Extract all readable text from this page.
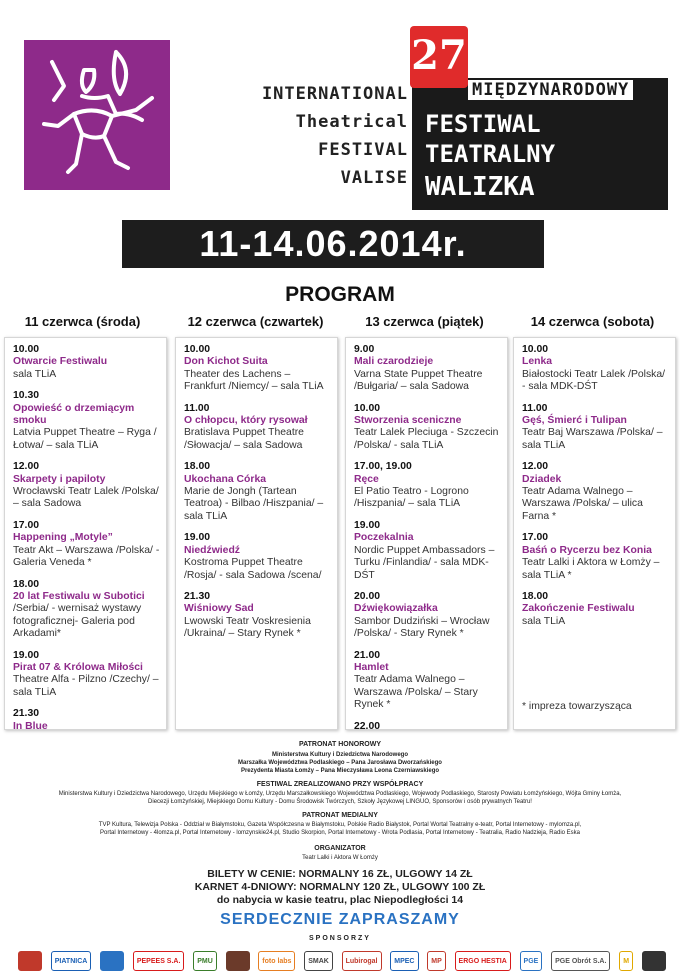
INTERNATIONAL
Theatrical
FESTIVAL
VALISE
27
MIĘDZYNARODOWY
FESTIWAL
TEATRALNY
WALIZKA
11-14.06.2014r.
PROGRAM
11 czerwca (środa)	12 czerwca (czwartek)	13 czerwca (piątek)	14 czerwca (sobota)
10.00
Otwarcie Festiwalu
sala TLiA
10.30
Opowieść o drzemiącym smoku
Latvia Puppet Theatre – Ryga /Łotwa/ – sala TLiA
12.00
Skarpety i papiloty
Wrocławski Teatr Lalek /Polska/ – sala Sadowa
17.00
Happening „Motyle”
Teatr Akt – Warszawa /Polska/ - Galeria Veneda *
18.00
20 lat Festiwalu w Subotici
/Serbia/ - wernisaż wystawy fotograficznej- Galeria pod Arkadami*
19.00
Pirat 07 & Królowa Miłości
Theatre Alfa - Pilzno /Czechy/ – sala TLiA
21.30
In Blue
10.00
Don Kichot Suita
Theater des Lachens – Frankfurt /Niemcy/ – sala TLiA
11.00
O chłopcu, który rysował
Bratislava Puppet Theatre /Słowacja/ – sala Sadowa
18.00
Ukochana Córka
Marie de Jongh (Tartean Teatroa) - Bilbao /Hiszpania/ – sala TLiA
19.00
Niedźwiedź
Kostroma Puppet Theatre /Rosja/ - sala Sadowa /scena/
21.30
Wiśniowy Sad
Lwowski Teatr Voskresienia /Ukraina/ – Stary Rynek *
9.00
Mali czarodzieje
Varna State Puppet Theatre /Bułgaria/ – sala Sadowa
10.00
Stworzenia sceniczne
Teatr Lalek Pleciuga - Szczecin /Polska/ - sala TLiA
17.00, 19.00
Ręce
El Patio Teatro - Logrono /Hiszpania/ – sala TLiA
19.00
Poczekalnia
Nordic Puppet Ambassadors – Turku /Finlandia/ - sala MDK-DŚT
20.00
Dźwiękowiązałka
Sambor Dudziński – Wrocław /Polska/ - Stary Rynek *
21.00
Hamlet
Teatr Adama Walnego – Warszawa /Polska/ – Stary Rynek *
22.00
10.00
Lenka
Białostocki Teatr Lalek /Polska/ - sala MDK-DŚT
11.00
Gęś, Śmierć i Tulipan
Teatr Baj Warszawa /Polska/ – sala TLiA
12.00
Dziadek
Teatr Adama Walnego – Warszawa /Polska/ – ulica Farna *
17.00
Baśń o Rycerzu bez Konia
Teatr Lalki i Aktora w Łomży – sala TLiA *
18.00
Zakończenie Festiwalu
sala TLiA
* impreza towarzysząca
PATRONAT HONOROWY
Ministerstwa Kultury i Dziedzictwa Narodowego
Marszałka Województwa Podlaskiego – Pana Jarosława Dworzańskiego
Prezydenta Miasta Łomży – Pana Mieczysława Leona Czerniawskiego
FESTIWAL ZREALIZOWANO PRZY WSPÓŁPRACY
Ministerstwa Kultury i Dziedzictwa Narodowego, Urzędu Miejskiego w Łomży, Urzędu Marszałkowskiego Województwa Podlaskiego, Wojewody Podlaskiego, Starosty Powiatu Łomżyńskiego, Wójta Gminy Łomża,
Diecezji Łomżyńskiej, Miejskiego Domu Kultury - Domu Środowisk Twórczych, Szkoły Językowej LINGUO, Sponsorów i osób prywatnych Teatru!
PATRONAT MEDIALNY
TVP Kultura, Telewizja Polska - Oddział w Białymstoku, Gazeta Współczesna w Białymstoku, Polskie Radio Białystok, Portal Wortal Teatralny e-teatr, Portal Internetowy - mylomza.pl,
Portal Internetowy - 4lomza.pl, Portal Internetowy - lomzynskie24.pl, Studio Skorpion, Portal Internetowy - Wrota Podlasia, Portal Internetowy - Teatralia, Radio Nadzieja, Radio Eska
ORGANIZATOR
Teatr Lalki i Aktora W Łomży
BILETY W CENIE: NORMALNY 16 ZŁ, ULGOWY 14 ZŁ
KARNET 4-DNIOWY: NORMALNY 120 ZŁ, ULGOWY 100 ZŁ
do nabycia w kasie teatru, plac Niepodległości 14
SERDECZNIE ZAPRASZAMY
SPONSORZY
PIATNICA	PEPEES S.A. PMU	foto labs SMAK Lubirogal MPEC MP ERGO HESTIA PGE PGE Obrót S.A. M
